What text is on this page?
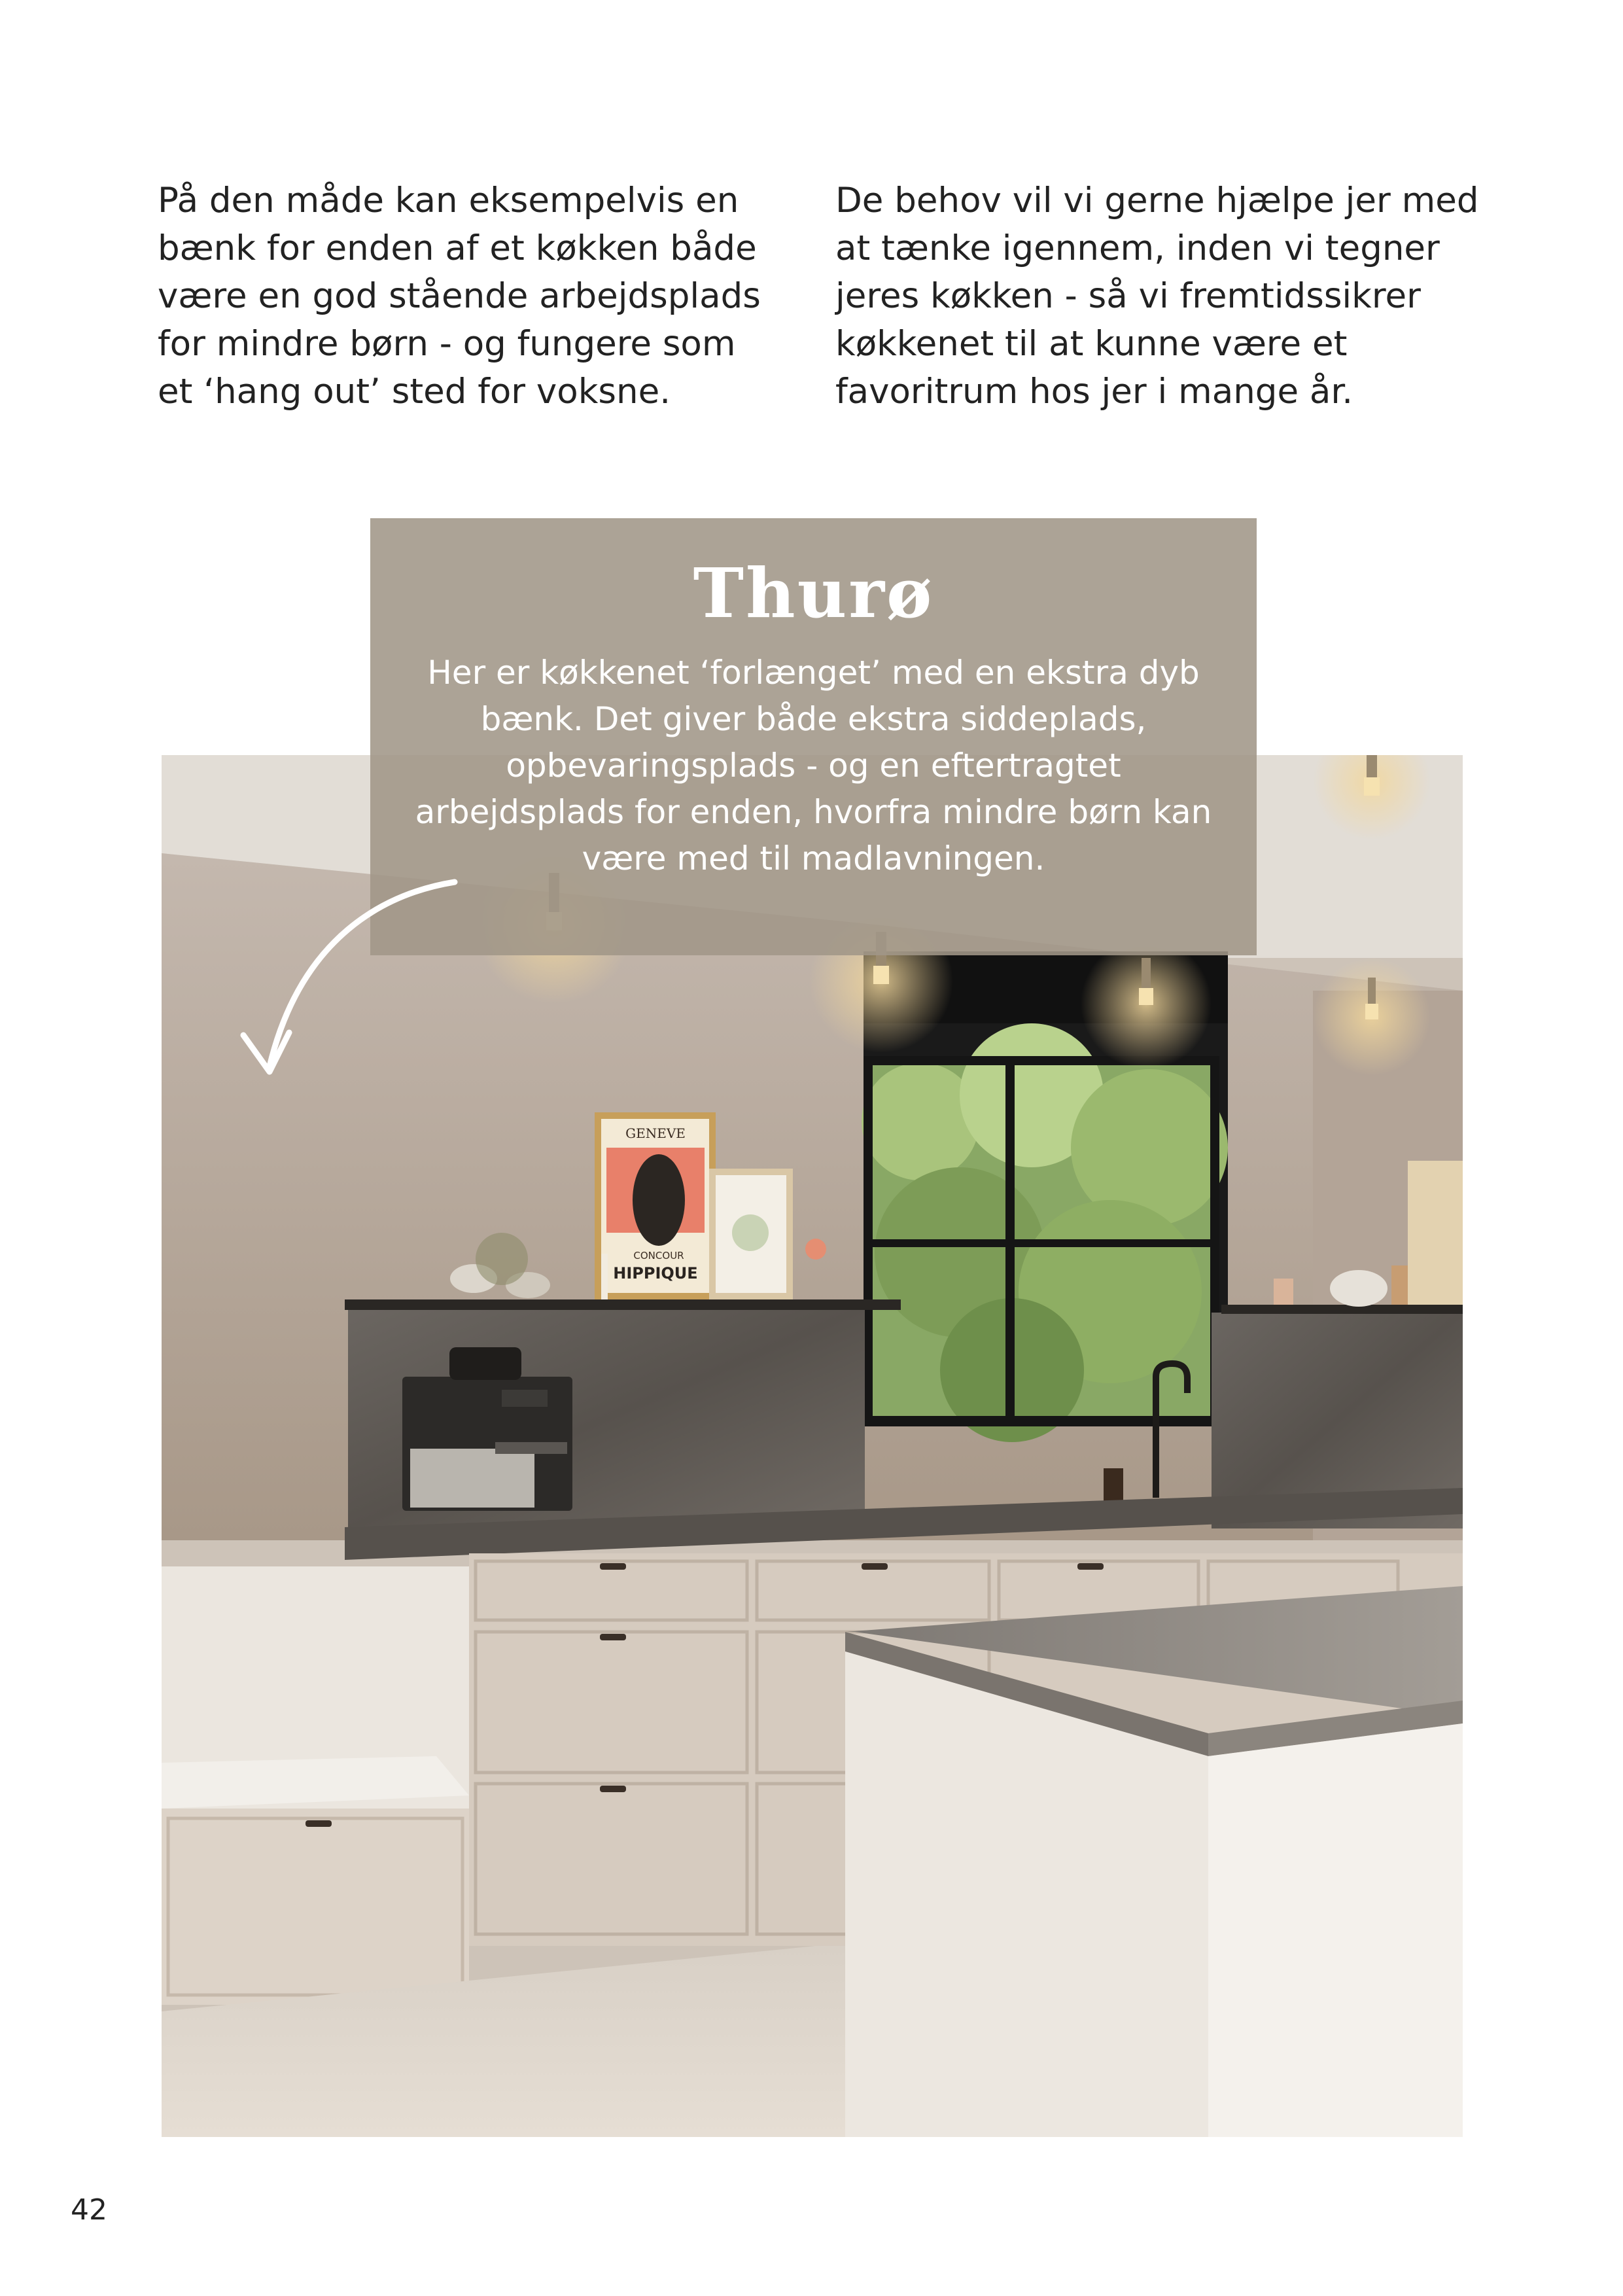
På den måde kan eksempelvis en
bænk for enden af et køkken både
være en god stående arbejdsplads
for mindre børn - og fungere som
et ‘hang out’ sted for voksne.
De behov vil vi gerne hjælpe jer med
at tænke igennem, inden vi tegner
jeres køkken - så vi fremtidssikrer
køkkenet til at kunne være et
favoritrum hos jer i mange år.
GENEVE
CONCOUR
HIPPIQUE
Thurø

Her er køkkenet ‘forlænget’ med en ekstra dyb bænk. Det giver både ekstra siddeplads, opbevaringsplads - og en eftertragtet arbejdsplads for enden, hvorfra mindre børn kan være med til madlavningen.

42
